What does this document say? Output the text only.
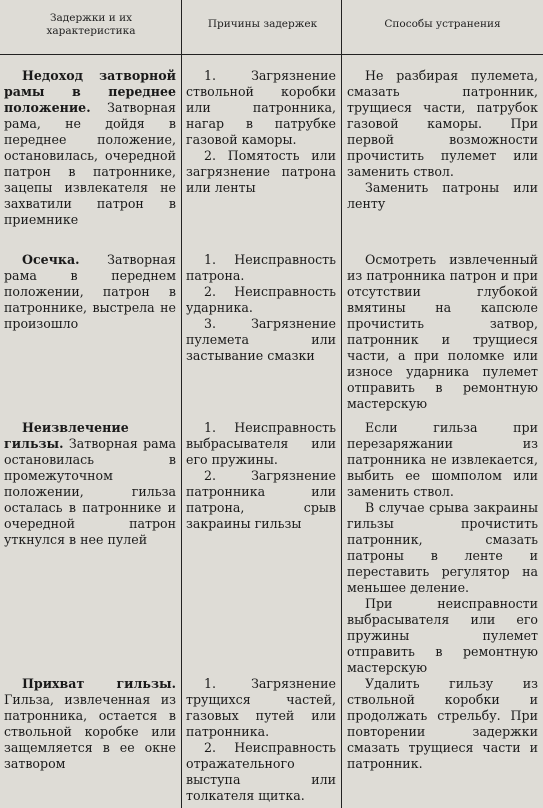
Задержки и их характеристика
Причины задержек	Способы устранения

Недоход затворной рамы в переднее положение. Затворная рама, не дойдя в переднее положение, остановилась, очередной патрон в патроннике, зацепы извлекателя не захватили патрон в приемнике

1. Загрязнение ствольной коробки или патронника, нагар в патрубке газовой каморы.

2. Помятость или загрязнение патрона или ленты

Не разбирая пулемета, смазать патронник, трущиеся части, патрубок газовой каморы. При первой возможности прочистить пулемет или заменить ствол.

Заменить патроны или ленту

Осечка. Затворная рама в переднем положении, патрон в патроннике, выстрела не произошло

1. Неисправность патрона.

2. Неисправность ударника.

3. Загрязнение пулемета или застывание смазки

Осмотреть извлеченный из патронника патрон и при отсутствии глубокой вмятины на капсюле прочистить затвор, патронник и трущиеся части, а при поломке или износе ударника пулемет отправить в ремонтную мастерскую

Неизвлечение гильзы. Затворная рама остановилась в промежуточном положении, гильза осталась в патроннике и очередной патрон уткнулся в нее пулей

1. Неисправность выбрасывателя или его пружины.

2. Загрязнение патронника или патрона, срыв закраины гильзы

Если гильза при перезаряжании из патронника не извлекается, выбить ее шомполом или заменить ствол.

В случае срыва закраины гильзы прочистить патронник, смазать патроны в ленте и переставить регулятор на меньшее деление.

При неисправности выбрасывателя или его пружины пулемет отправить в ремонтную мастерскую

Прихват гильзы. Гильза, извлеченная из патронника, остается в ствольной коробке или защемляется в ее окне затвором

1. Загрязнение трущихся частей, газовых путей или патронника.

2. Неисправность отражательного выступа или толкателя щитка.

Удалить гильзу из ствольной коробки и продолжать стрельбу. При повторении задержки смазать трущиеся части и патронник.
